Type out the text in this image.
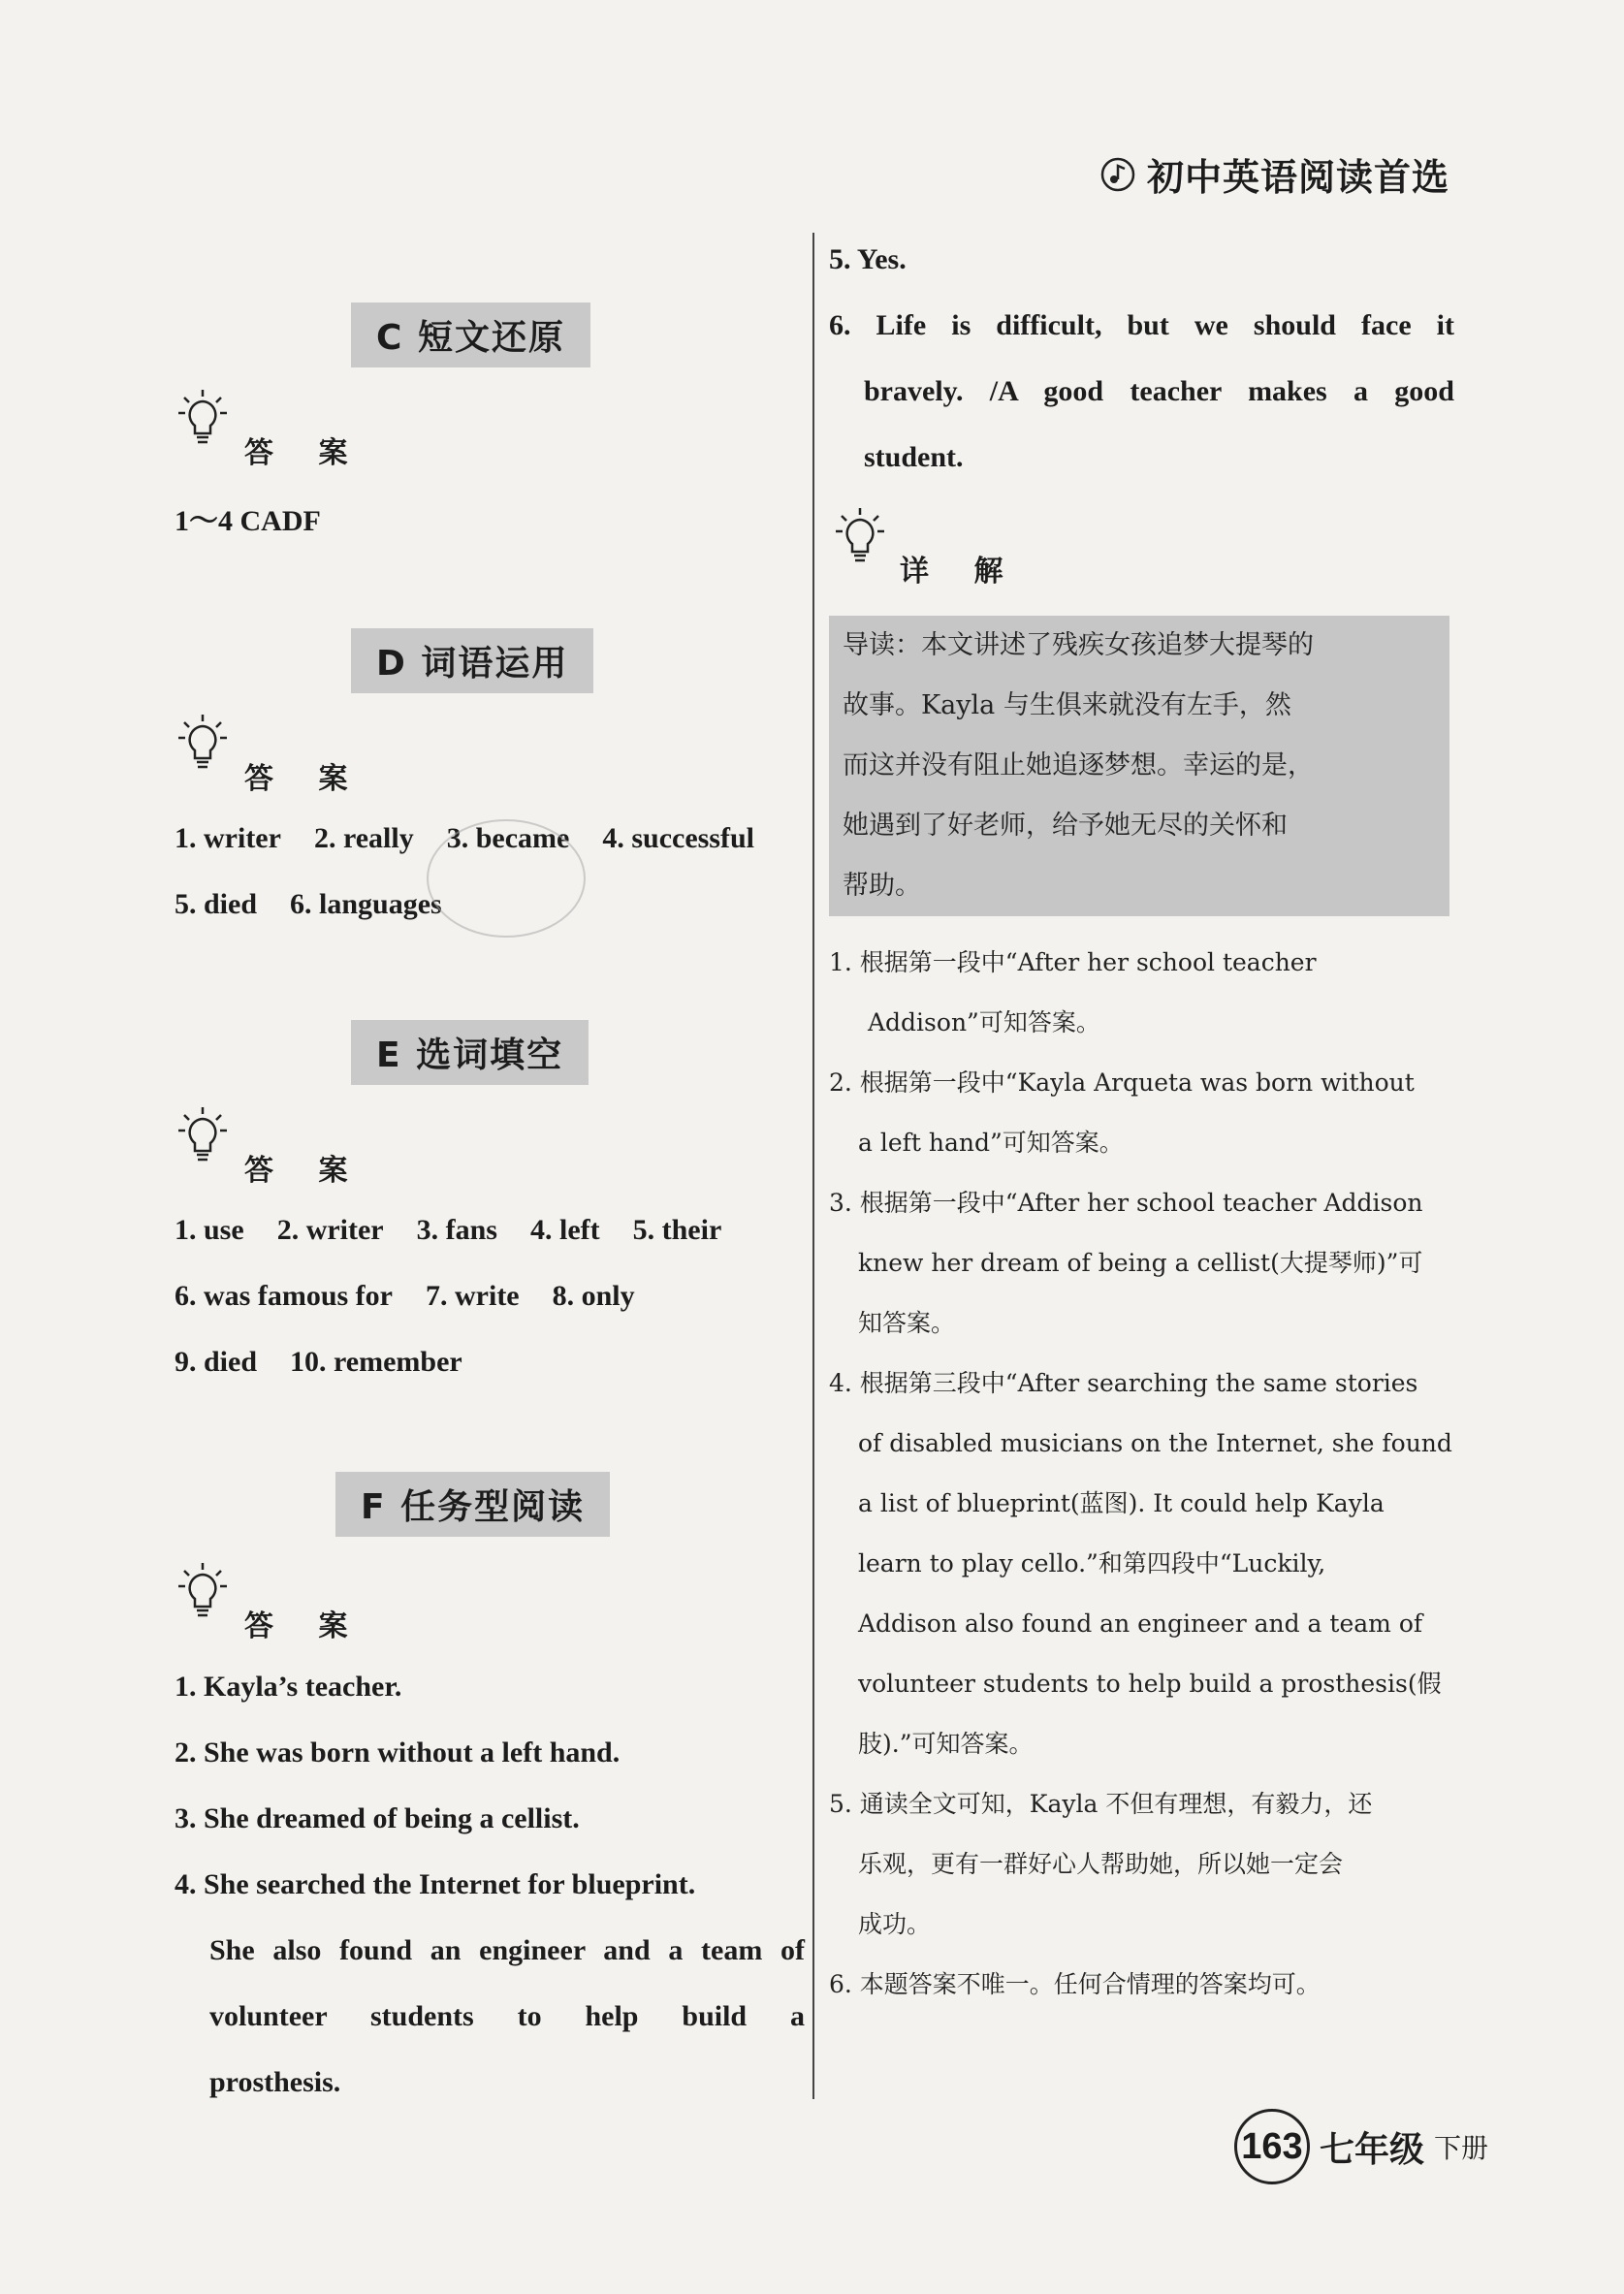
初中英语阅读首选
C 短文还原
答 案
1～4 CADF
D 词语运用
答 案
1. writer 2. really 3. became 4. successful
5. died 6. languages
E 选词填空
答 案
1. use 2. writer 3. fans 4. left 5. their
6. was famous for 7. write 8. only
9. died 10. remember
F 任务型阅读
答 案
1. Kayla’s teacher.
2. She was born without a left hand.
3. She dreamed of being a cellist.
4. She searched the Internet for blueprint.
She also found an engineer and a team of
volunteer students to help build a
prosthesis.
5. Yes.
6. Life is difficult, but we should face it
bravely. /A good teacher makes a good
student.
详 解
导读：本文讲述了残疾女孩追梦大提琴的
故事。Kayla 与生俱来就没有左手，然
而这并没有阻止她追逐梦想。幸运的是，
她遇到了好老师，给予她无尽的关怀和
帮助。
1. 根据第一段中“After her school teacher
Addison”可知答案。
2. 根据第一段中“Kayla Arqueta was born without
a left hand”可知答案。
3. 根据第一段中“After her school teacher Addison
knew her dream of being a cellist(大提琴师)”可
知答案。
4. 根据第三段中“After searching the same stories
of disabled musicians on the Internet, she found
a list of blueprint(蓝图). It could help Kayla
learn to play cello.”和第四段中“Luckily,
Addison also found an engineer and a team of
volunteer students to help build a prosthesis(假
肢).”可知答案。
5. 通读全文可知，Kayla 不但有理想，有毅力，还
乐观，更有一群好心人帮助她，所以她一定会
成功。
6. 本题答案不唯一。任何合情理的答案均可。
163 七年级 下册
